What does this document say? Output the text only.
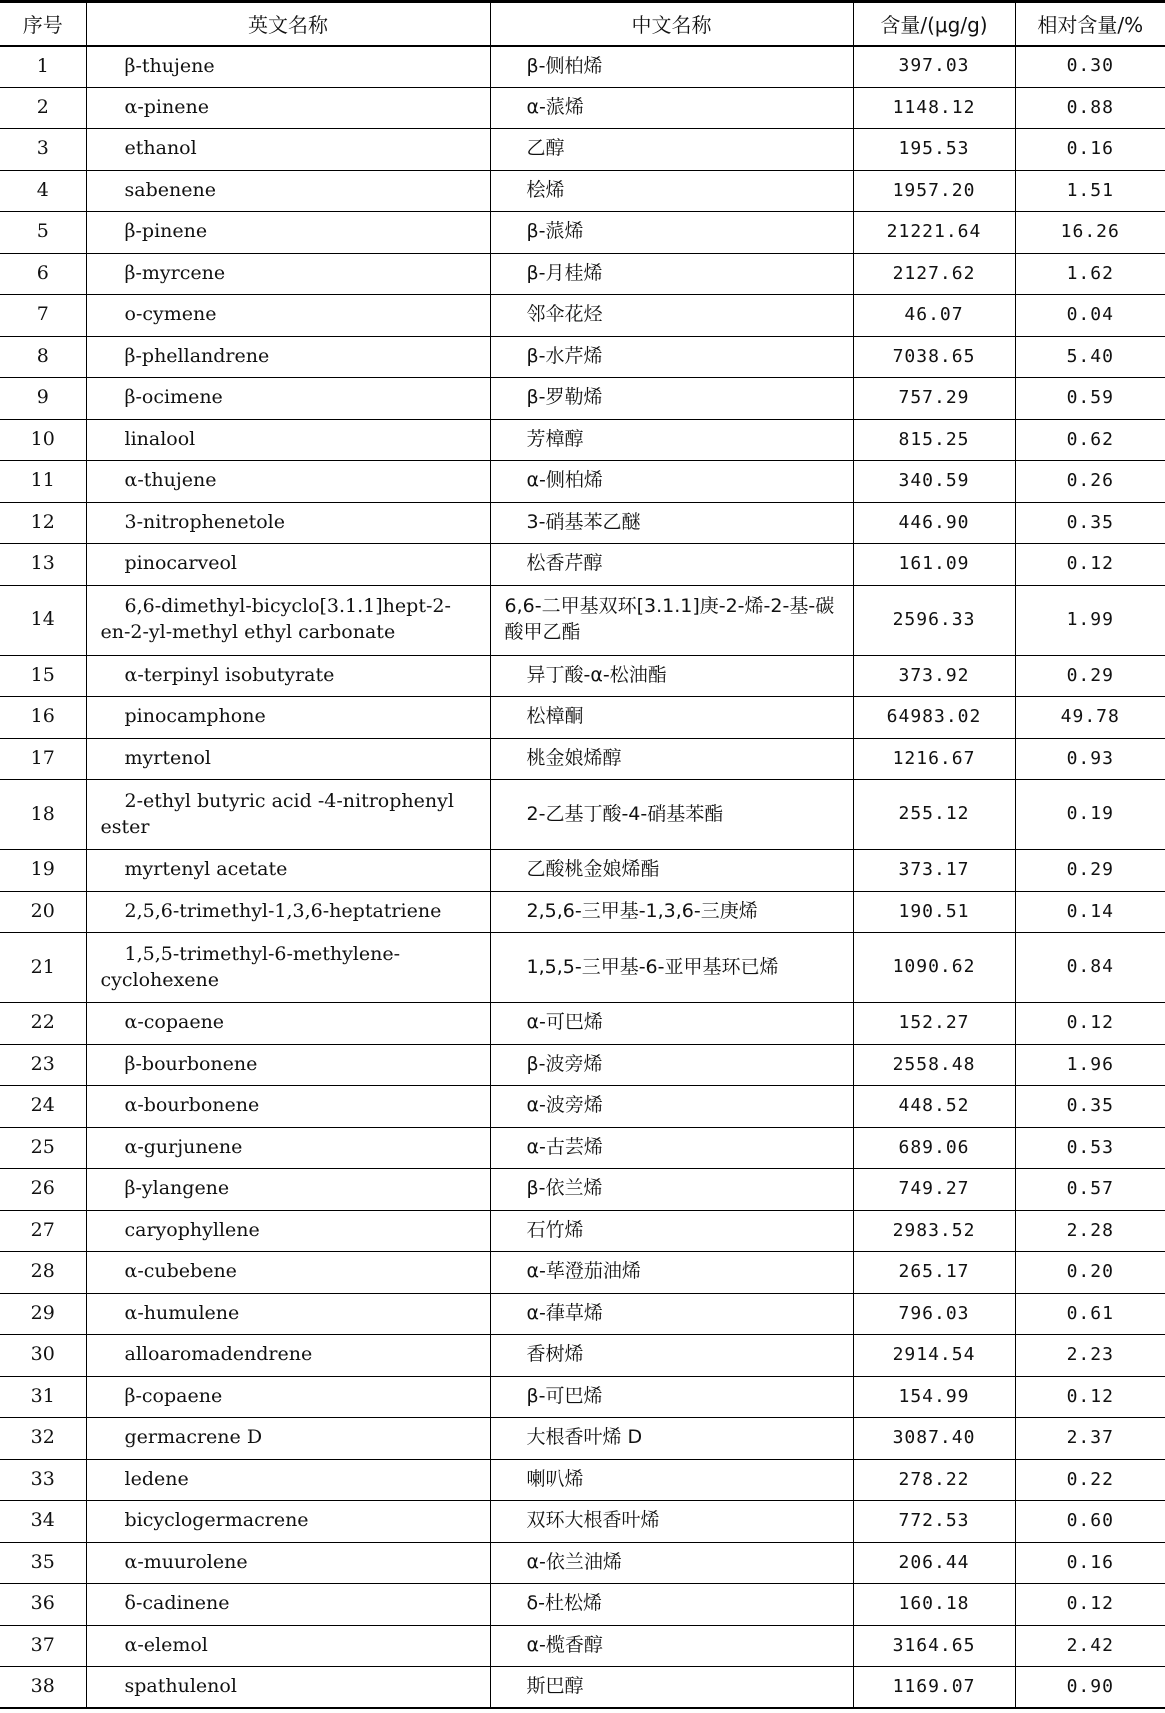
序号	英文名称	中文名称	含量/(μg/g)	相对含量/%
1	β-thujene	β-侧柏烯	397.03	0.30
2	α-pinene	α-蒎烯	1148.12	0.88
3	ethanol	乙醇	195.53	0.16
4	sabenene	桧烯	1957.20	1.51
5	β-pinene	β-蒎烯	21221.64	16.26
6	β-myrcene	β-月桂烯	2127.62	1.62
7	o-cymene	邻伞花烃	46.07	0.04
8	β-phellandrene	β-水芹烯	7038.65	5.40
9	β-ocimene	β-罗勒烯	757.29	0.59
10	linalool	芳樟醇	815.25	0.62
11	α-thujene	α-侧柏烯	340.59	0.26
12	3-nitrophenetole	3-硝基苯乙醚	446.90	0.35
13	pinocarveol	松香芹醇	161.09	0.12
14	6,6-dimethyl-bicyclo[3.1.1]hept-2-en-2-yl-methyl ethyl carbonate	6,6-二甲基双环[3.1.1]庚-2-烯-2-基-碳酸甲乙酯	2596.33	1.99
15	α-terpinyl isobutyrate	异丁酸-α-松油酯	373.92	0.29
16	pinocamphone	松樟酮	64983.02	49.78
17	myrtenol	桃金娘烯醇	1216.67	0.93
18	2-ethyl butyric acid -4-nitrophenyl ester	2-乙基丁酸-4-硝基苯酯	255.12	0.19
19	myrtenyl acetate	乙酸桃金娘烯酯	373.17	0.29
20	2,5,6-trimethyl-1,3,6-heptatriene	2,5,6-三甲基-1,3,6-三庚烯	190.51	0.14
21	1,5,5-trimethyl-6-methylene-cyclohexene	1,5,5-三甲基-6-亚甲基环已烯	1090.62	0.84
22	α-copaene	α-可巴烯	152.27	0.12
23	β-bourbonene	β-波旁烯	2558.48	1.96
24	α-bourbonene	α-波旁烯	448.52	0.35
25	α-gurjunene	α-古芸烯	689.06	0.53
26	β-ylangene	β-依兰烯	749.27	0.57
27	caryophyllene	石竹烯	2983.52	2.28
28	α-cubebene	α-荜澄茄油烯	265.17	0.20
29	α-humulene	α-葎草烯	796.03	0.61
30	alloaromadendrene	香树烯	2914.54	2.23
31	β-copaene	β-可巴烯	154.99	0.12
32	germacrene D	大根香叶烯 D	3087.40	2.37
33	ledene	喇叭烯	278.22	0.22
34	bicyclogermacrene	双环大根香叶烯	772.53	0.60
35	α-muurolene	α-依兰油烯	206.44	0.16
36	δ-cadinene	δ-杜松烯	160.18	0.12
37	α-elemol	α-榄香醇	3164.65	2.42
38	spathulenol	斯巴醇	1169.07	0.90
